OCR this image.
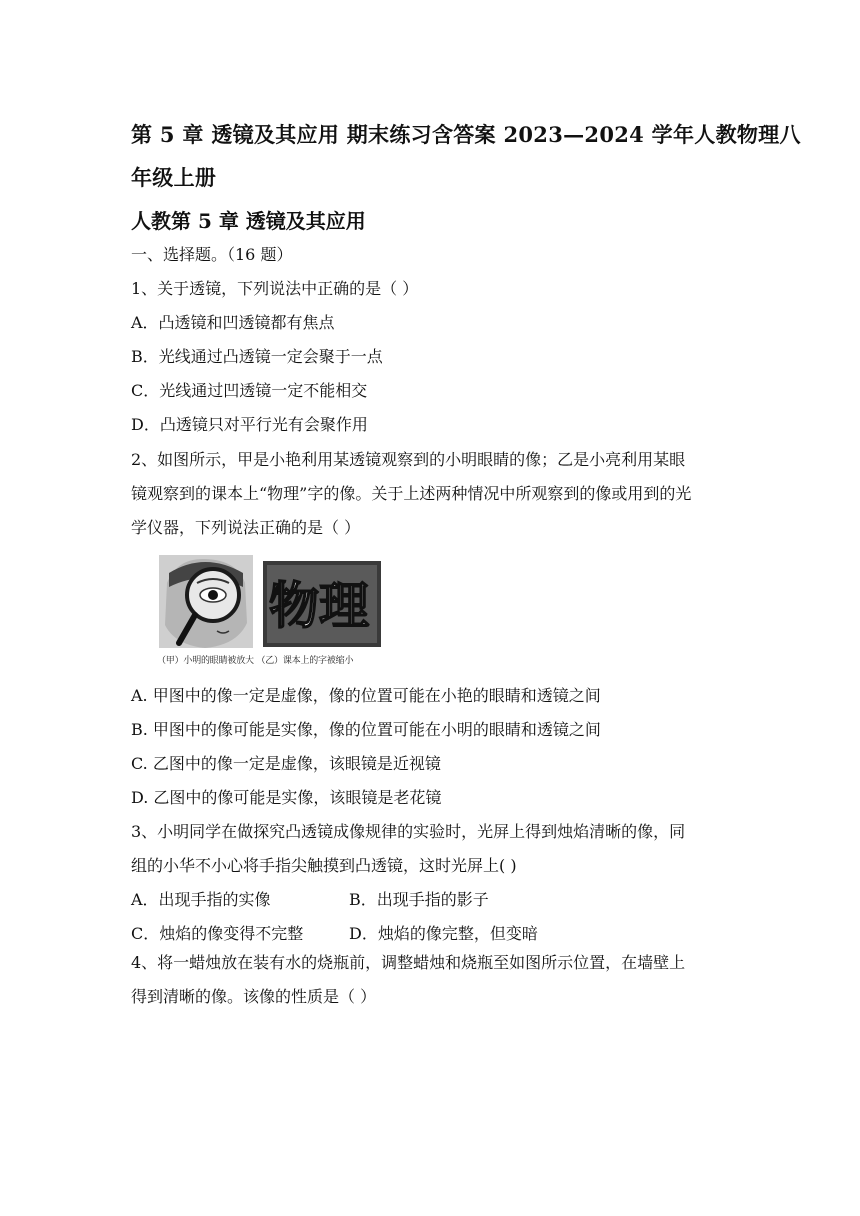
第 5 章 透镜及其应用 期末练习含答案 2023—2024 学年人教物理八
年级上册
人教第 5 章 透镜及其应用
一、选择题。（16 题）
1、关于透镜，下列说法中正确的是（ ）
A．凸透镜和凹透镜都有焦点
B．光线通过凸透镜一定会聚于一点
C．光线通过凹透镜一定不能相交
D．凸透镜只对平行光有会聚作用
2、如图所示，甲是小艳利用某透镜观察到的小明眼睛的像；乙是小亮利用某眼
镜观察到的课本上“物理”字的像。关于上述两种情况中所观察到的像或用到的光
学仪器，下列说法正确的是（ ）
物理
（甲）小明的眼睛被放大 （乙）课本上的字被缩小
A. 甲图中的像一定是虚像，像的位置可能在小艳的眼睛和透镜之间
B. 甲图中的像可能是实像，像的位置可能在小明的眼睛和透镜之间
C. 乙图中的像一定是虚像，该眼镜是近视镜
D. 乙图中的像可能是实像，该眼镜是老花镜
3、小明同学在做探究凸透镜成像规律的实验时，光屏上得到烛焰清晰的像，同
组的小华不小心将手指尖触摸到凸透镜，这时光屏上( )
A．出现手指的实像	B．出现手指的影子
C．烛焰的像变得不完整	D．烛焰的像完整，但变暗
4、将一蜡烛放在装有水的烧瓶前，调整蜡烛和烧瓶至如图所示位置，在墙壁上
得到清晰的像。该像的性质是（ ）
